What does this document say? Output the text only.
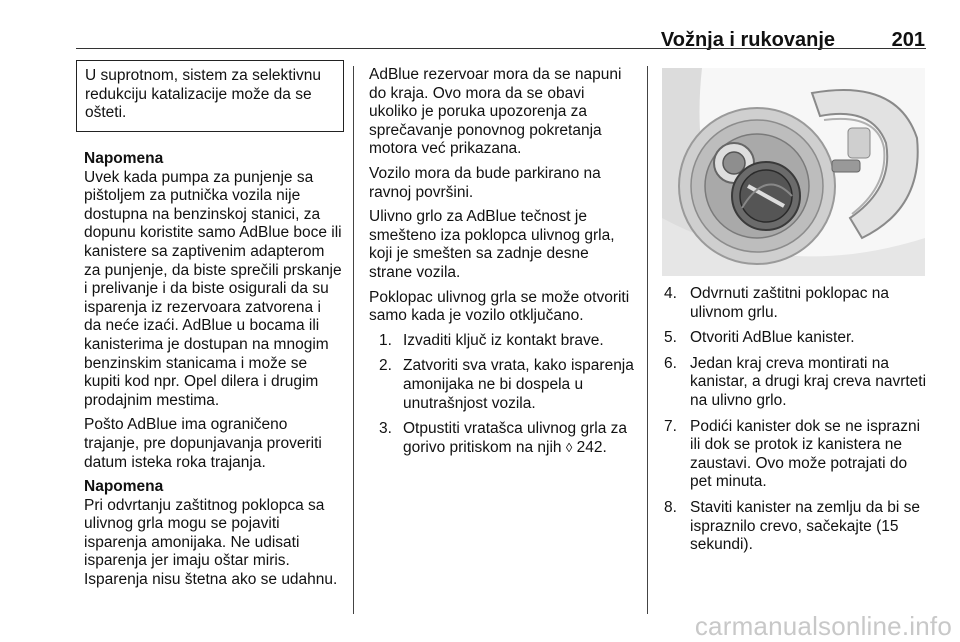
Vožnja i rukovanje	201
U suprotnom, sistem za selektivnu redukciju katalizacije može da se ošteti.
Napomena
Uvek kada pumpa za punjenje sa pištoljem za putnička vozila nije dostupna na benzinskoj stanici, za dopunu koristite samo AdBlue boce ili kanistere sa zaptivenim adapterom za punjenje, da biste sprečili prskanje i prelivanje i da biste osigurali da su isparenja iz rezervoara zatvorena i da neće izaći. AdBlue u bocama ili kanisterima je dostupan na mnogim benzinskim stanicama i može se kupiti kod npr. Opel dilera i drugim prodajnim mestima.

Pošto AdBlue ima ograničeno trajanje, pre dopunjavanja proveriti datum isteka roka trajanja.

Napomena
Pri odvrtanju zaštitnog poklopca sa ulivnog grla mogu se pojaviti isparenja amonijaka. Ne udisati isparenja jer imaju oštar miris. Isparenja nisu štetna ako se udahnu.

AdBlue rezervoar mora da se napuni do kraja. Ovo mora da se obavi ukoliko je poruka upozorenja za sprečavanje ponovnog pokretanja motora već prikazana.

Vozilo mora da bude parkirano na ravnoj površini.

Ulivno grlo za AdBlue tečnost je smešteno iza poklopca ulivnog grla, koji je smešten sa zadnje desne strane vozila.

Poklopac ulivnog grla se može otvoriti samo kada je vozilo otključano.

1. Izvaditi ključ iz kontakt brave.
2. Zatvoriti sva vrata, kako isparenja amonijaka ne bi dospela u unutrašnjost vozila.
3. Otpustiti vratašca ulivnog grla za gorivo pritiskom na njih ◊ 242.
4. Odvrnuti zaštitni poklopac na ulivnom grlu.
5. Otvoriti AdBlue kanister.
6. Jedan kraj creva montirati na kanistar, a drugi kraj creva navrteti na ulivno grlo.
7. Podići kanister dok se ne isprazni ili dok se protok iz kanistera ne zaustavi. Ovo može potrajati do pet minuta.
8. Staviti kanister na zemlju da bi se ispraznilo crevo, sačekajte (15 sekundi).
carmanualsonline.info
